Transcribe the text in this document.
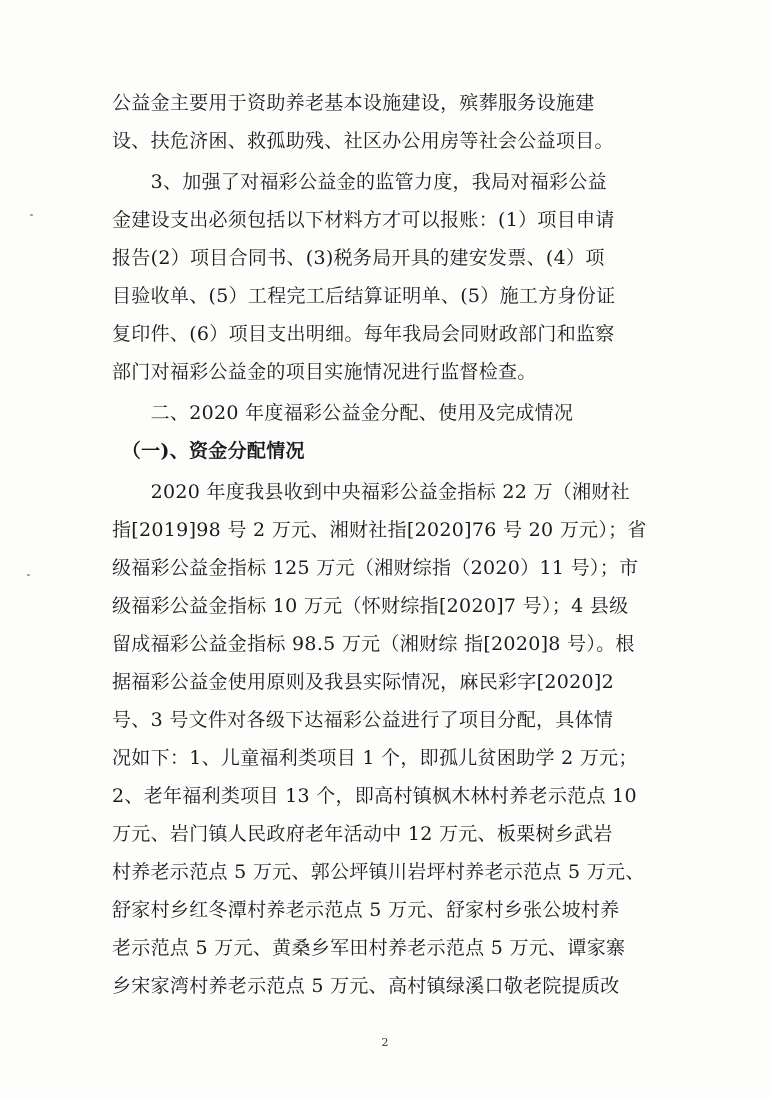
公益金主要用于资助养老基本设施建设，殡葬服务设施建
设、扶危济困、救孤助残、社区办公用房等社会公益项目。
　　3、加强了对福彩公益金的监管力度，我局对福彩公益
金建设支出必须包括以下材料方才可以报账：(1）项目申请
报告(2）项目合同书、(3)税务局开具的建安发票、(4）项
目验收单、(5）工程完工后结算证明单、(5）施工方身份证
复印件、(6）项目支出明细。每年我局会同财政部门和监察
部门对福彩公益金的项目实施情况进行监督检查。
　　二、2020 年度福彩公益金分配、使用及完成情况
　（一)、资金分配情况
　　2020 年度我县收到中央福彩公益金指标 22 万（湘财社
指[2019]98 号 2 万元、湘财社指[2020]76 号 20 万元）；省
级福彩公益金指标 125 万元（湘财综指（2020）11 号）；市
级福彩公益金指标 10 万元（怀财综指[2020]7 号）；4 县级
留成福彩公益金指标 98.5 万元（湘财综 指[2020]8 号）。根
据福彩公益金使用原则及我县实际情况，麻民彩字[2020]2
号、3 号文件对各级下达福彩公益进行了项目分配，具体情
况如下：1、儿童福利类项目 1 个，即孤儿贫困助学 2 万元；
2、老年福利类项目 13 个，即高村镇枫木林村养老示范点 10
万元、岩门镇人民政府老年活动中 12 万元、板栗树乡武岩
村养老示范点 5 万元、郭公坪镇川岩坪村养老示范点 5 万元、
舒家村乡红冬潭村养老示范点 5 万元、舒家村乡张公坡村养
老示范点 5 万元、黄桑乡军田村养老示范点 5 万元、谭家寨
乡宋家湾村养老示范点 5 万元、高村镇绿溪口敬老院提质改
2
